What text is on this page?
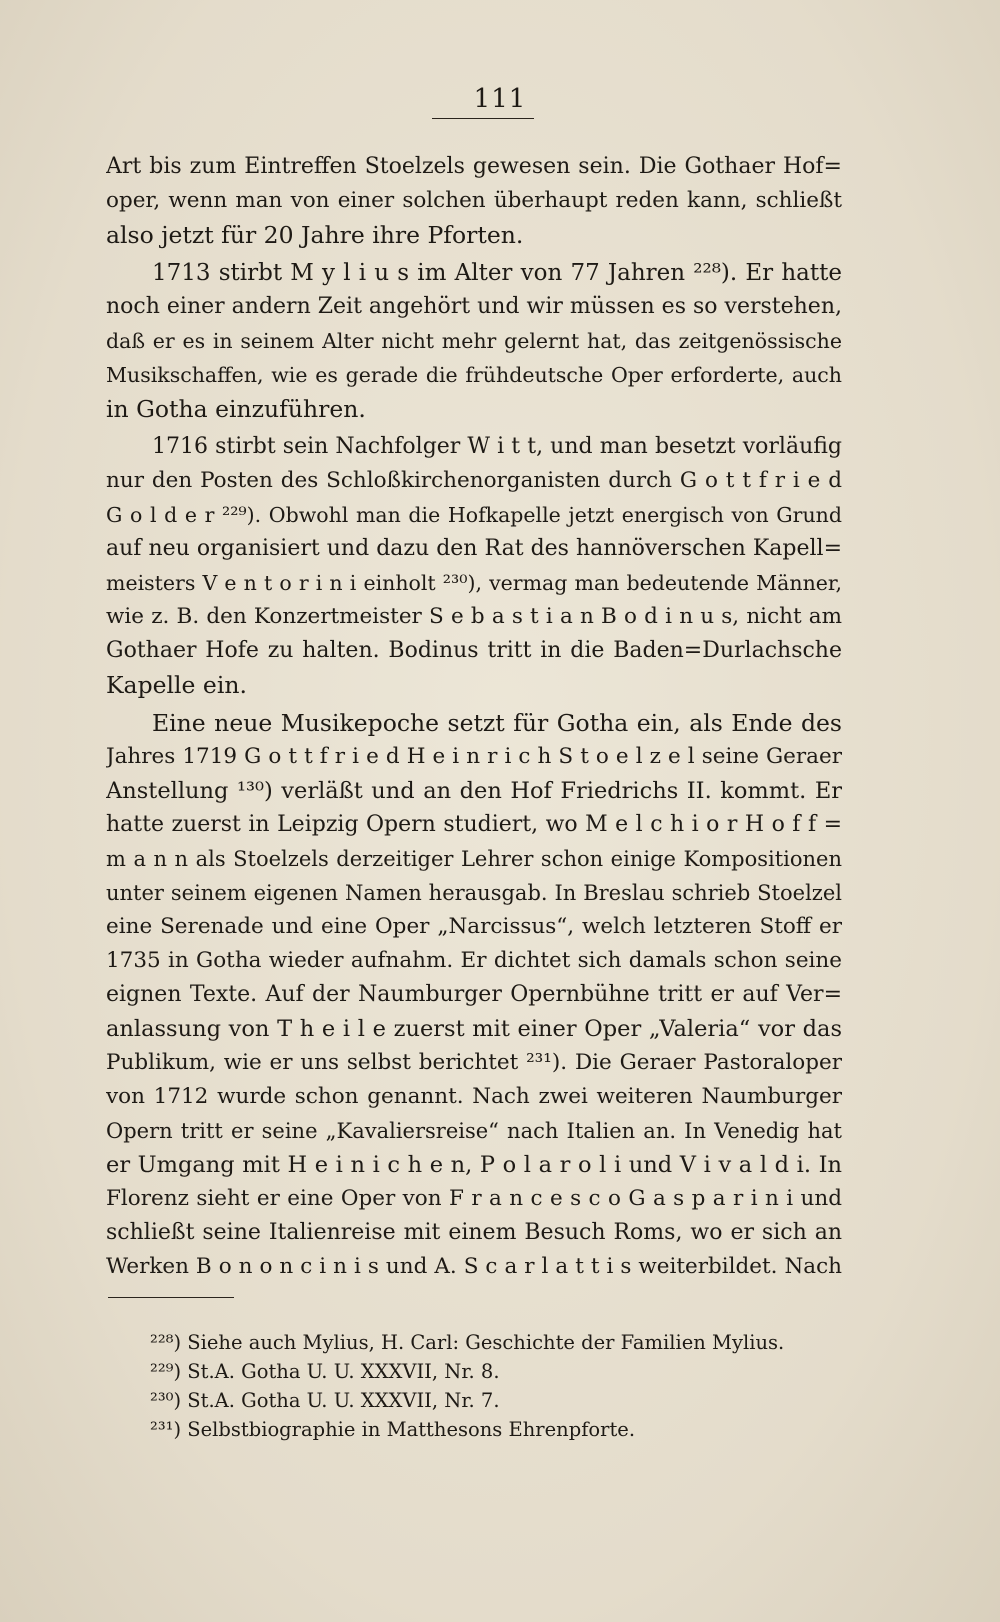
111
Art bis zum Eintreffen Stoelzels gewesen sein. Die Gothaer Hof=
oper, wenn man von einer solchen überhaupt reden kann, schließt
also jetzt für 20 Jahre ihre Pforten.
1713 stirbt M y l i u s im Alter von 77 Jahren ²²⁸). Er hatte
noch einer andern Zeit angehört und wir müssen es so verstehen,
daß er es in seinem Alter nicht mehr gelernt hat, das zeitgenössische
Musikschaffen, wie es gerade die frühdeutsche Oper erforderte, auch
in Gotha einzuführen.
1716 stirbt sein Nachfolger W i t t, und man besetzt vorläufig
nur den Posten des Schloßkirchenorganisten durch G o t t f r i e d
G o l d e r ²²⁹). Obwohl man die Hofkapelle jetzt energisch von Grund
auf neu organisiert und dazu den Rat des hannöverschen Kapell=
meisters V e n t o r i n i einholt ²³⁰), vermag man bedeutende Männer,
wie z. B. den Konzertmeister S e b a s t i a n B o d i n u s, nicht am
Gothaer Hofe zu halten. Bodinus tritt in die Baden=Durlachsche
Kapelle ein.
Eine neue Musikepoche setzt für Gotha ein, als Ende des
Jahres 1719 G o t t f r i e d H e i n r i c h S t o e l z e l seine Geraer
Anstellung ¹³⁰) verläßt und an den Hof Friedrichs II. kommt. Er
hatte zuerst in Leipzig Opern studiert, wo M e l c h i o r H o f f =
m a n n als Stoelzels derzeitiger Lehrer schon einige Kompositionen
unter seinem eigenen Namen herausgab. In Breslau schrieb Stoelzel
eine Serenade und eine Oper „Narcissus“, welch letzteren Stoff er
1735 in Gotha wieder aufnahm. Er dichtet sich damals schon seine
eignen Texte. Auf der Naumburger Opernbühne tritt er auf Ver=
anlassung von T h e i l e zuerst mit einer Oper „Valeria“ vor das
Publikum, wie er uns selbst berichtet ²³¹). Die Geraer Pastoraloper
von 1712 wurde schon genannt. Nach zwei weiteren Naumburger
Opern tritt er seine „Kavaliersreise“ nach Italien an. In Venedig hat
er Umgang mit H e i n i c h e n, P o l a r o l i und V i v a l d i. In
Florenz sieht er eine Oper von F r a n c e s c o G a s p a r i n i und
schließt seine Italienreise mit einem Besuch Roms, wo er sich an
Werken B o n o n c i n i s und A. S c a r l a t t i s weiterbildet. Nach
²²⁸) Siehe auch Mylius, H. Carl: Geschichte der Familien Mylius.
²²⁹) St.A. Gotha U. U. XXXVII, Nr. 8.
²³⁰) St.A. Gotha U. U. XXXVII, Nr. 7.
²³¹) Selbstbiographie in Matthesons Ehrenpforte.
